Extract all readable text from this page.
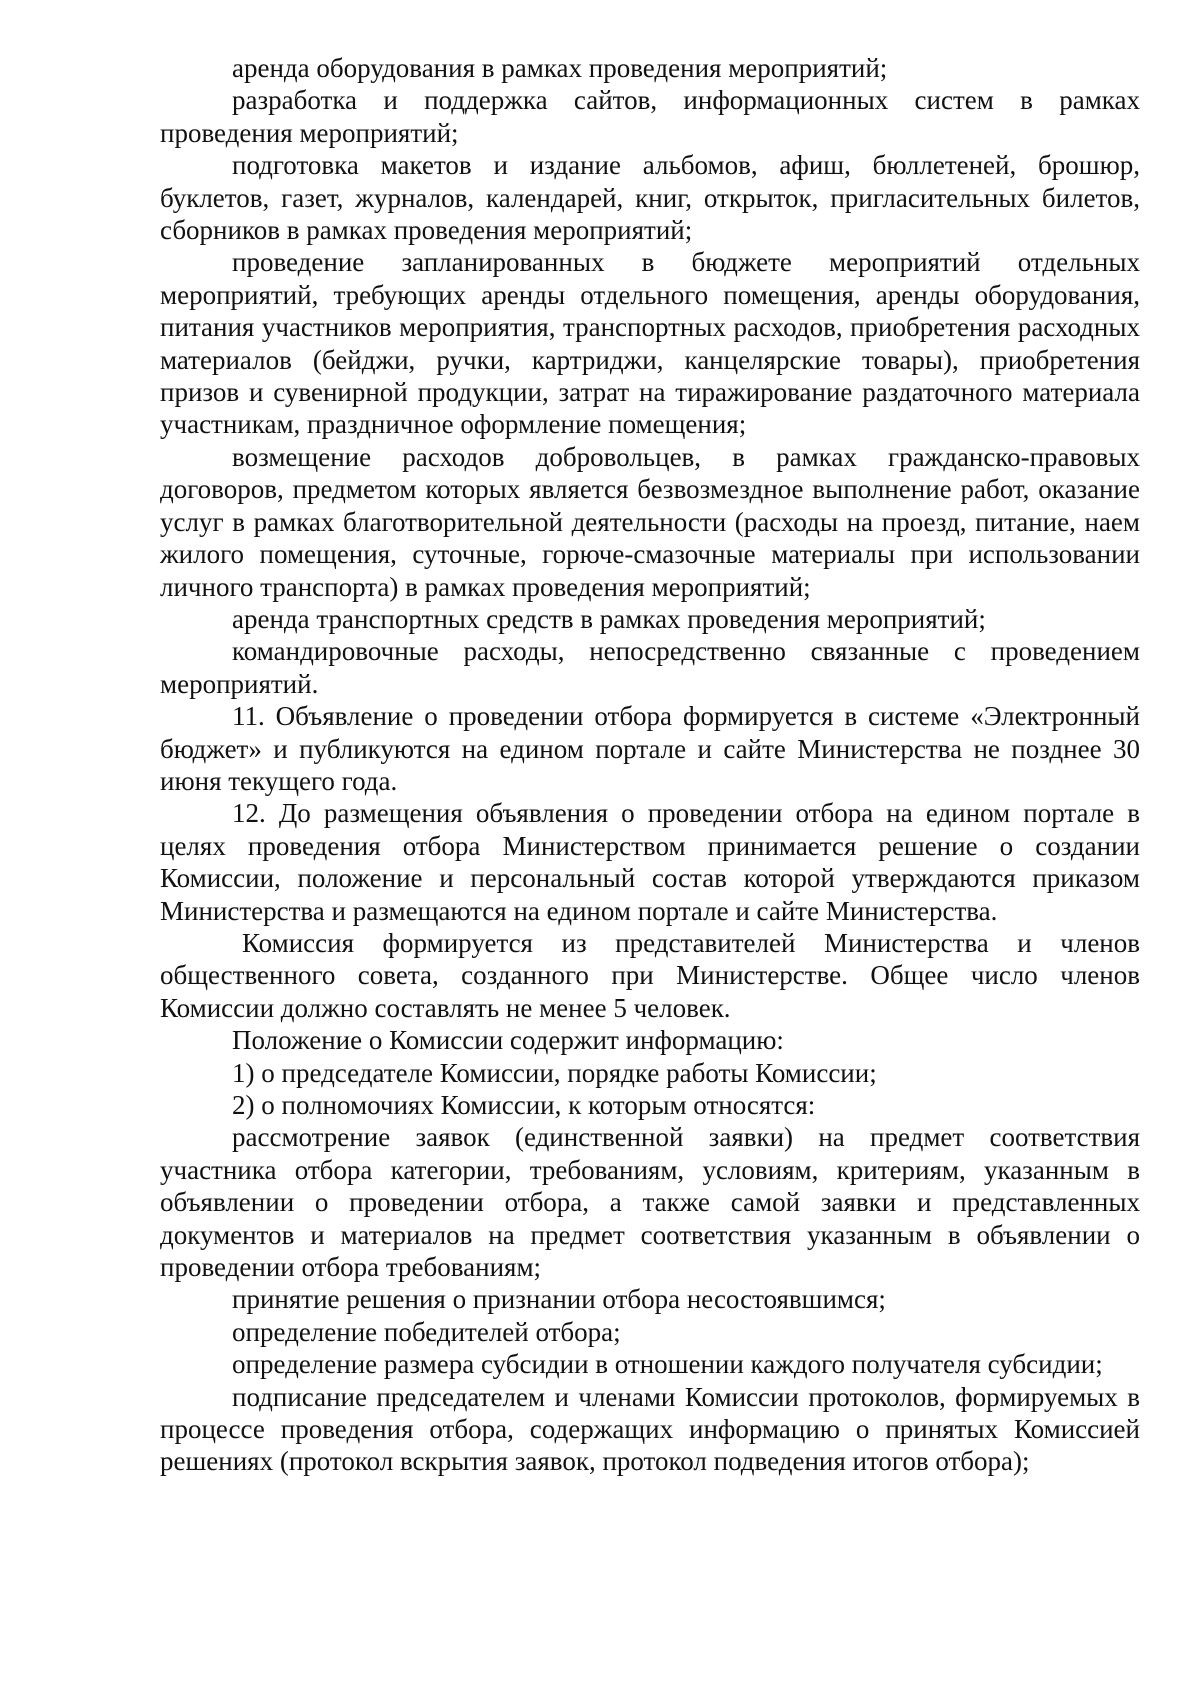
аренда оборудования в рамках проведения мероприятий;

разработка и поддержка сайтов, информационных систем в рамках проведения мероприятий;

подготовка макетов и издание альбомов, афиш, бюллетеней, брошюр, буклетов, газет, журналов, календарей, книг, открыток, пригласительных билетов, сборников в рамках проведения мероприятий;

проведение запланированных в бюджете мероприятий отдельных мероприятий, требующих аренды отдельного помещения, аренды оборудования, питания участников мероприятия, транспортных расходов, приобретения расходных материалов (бейджи, ручки, картриджи, канцелярские товары), приобретения призов и сувенирной продукции, затрат на тиражирование раздаточного материала участникам, праздничное оформление помещения;

возмещение расходов добровольцев, в рамках гражданско-правовых договоров, предметом которых является безвозмездное выполнение работ, оказание услуг в рамках благотворительной деятельности (расходы на проезд, питание, наем жилого помещения, суточные, горюче-смазочные материалы при использовании личного транспорта) в рамках проведения мероприятий;

аренда транспортных средств в рамках проведения мероприятий;

командировочные расходы, непосредственно связанные с проведением мероприятий.

11. Объявление о проведении отбора формируется в системе «Электронный бюджет» и публикуются на едином портале и сайте Министерства не позднее 30 июня текущего года.

12. До размещения объявления о проведении отбора на едином портале в целях проведения отбора Министерством принимается решение о создании Комиссии, положение и персональный состав которой утверждаются приказом Министерства и размещаются на едином портале и сайте Министерства.

Комиссия формируется из представителей Министерства и членов общественного совета, созданного при Министерстве. Общее число членов Комиссии должно составлять не менее 5 человек.

Положение о Комиссии содержит информацию:

1) о председателе Комиссии, порядке работы Комиссии;

2) о полномочиях Комиссии, к которым относятся:

рассмотрение заявок (единственной заявки) на предмет соответствия участника отбора категории, требованиям, условиям, критериям, указанным в объявлении о проведении отбора, а также самой заявки и представленных документов и материалов на предмет соответствия указанным в объявлении о проведении отбора требованиям;

принятие решения о признании отбора несостоявшимся;

определение победителей отбора;

определение размера субсидии в отношении каждого получателя субсидии;

подписание председателем и членами Комиссии протоколов, формируемых в процессе проведения отбора, содержащих информацию о принятых Комиссией решениях (протокол вскрытия заявок, протокол подведения итогов отбора);
